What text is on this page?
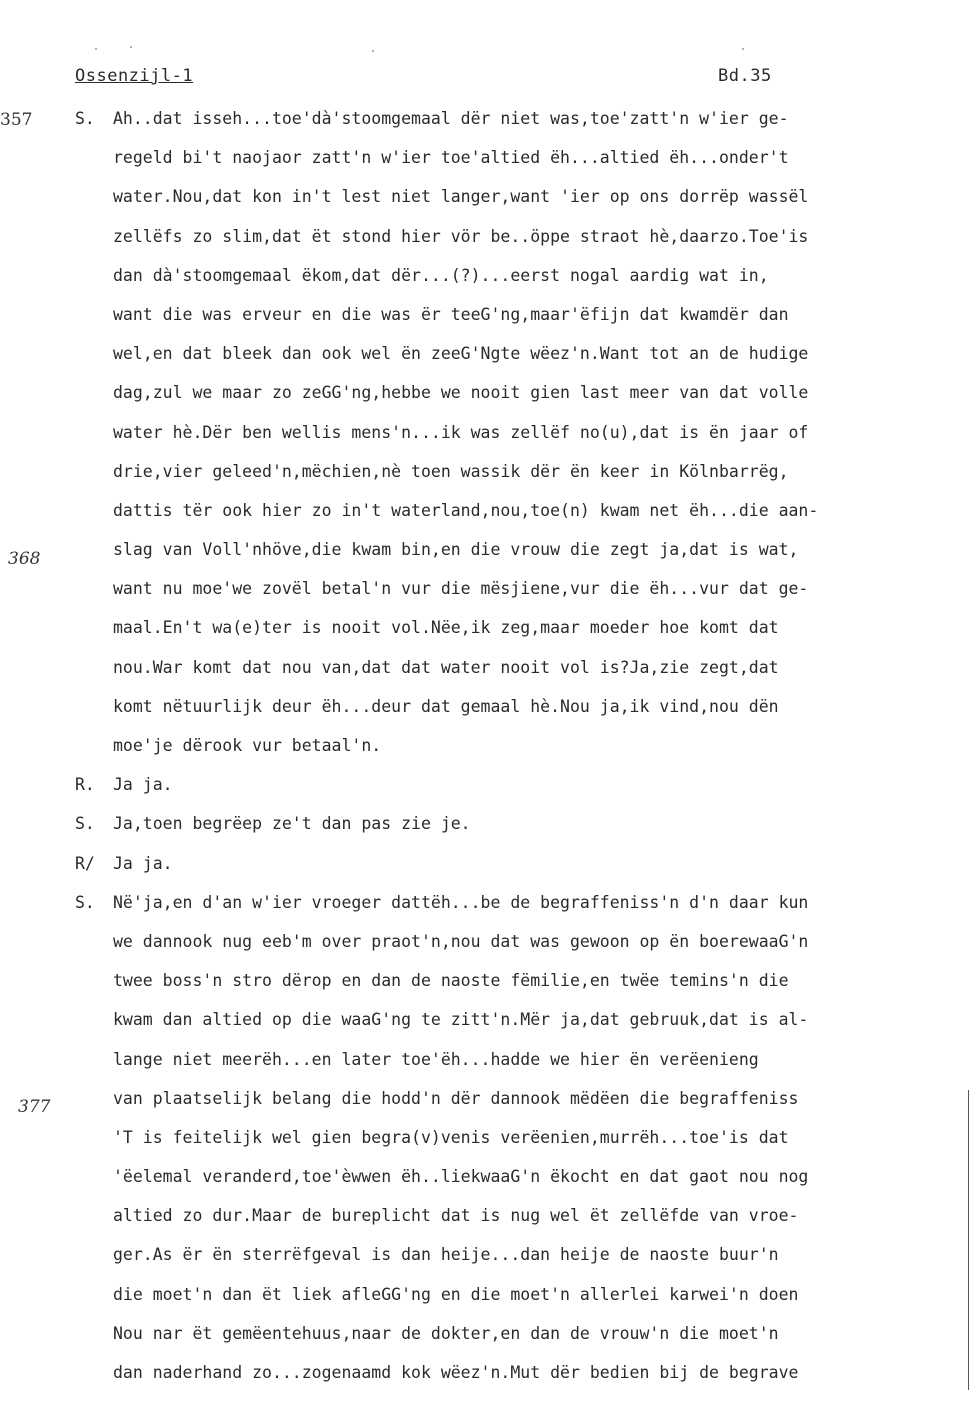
Ossenzijl-1	Bd.35
357
368
377
S.	Ah..dat isseh...toe'dà'stoomgemaal dër niet was,toe'zatt'n w'ier ge-
regeld bi't naojaor zatt'n w'ier toe'altied ëh...altied ëh...onder't
water.Nou,dat kon in't lest niet langer,want 'ier op ons dorrëp wassël
zellëfs zo slim,dat ët stond hier vör be..öppe straot hè,daarzo.Toe'is
dan dà'stoomgemaal ëkom,dat dër...(?)...eerst nogal aardig wat in,
want die was erveur en die was ër teeG'ng,maar'ëfijn dat kwamdër dan
wel,en dat bleek dan ook wel ën zeeG'Ngte wëez'n.Want tot an de hudige
dag,zul we maar zo zeGG'ng,hebbe we nooit gien last meer van dat volle
water hè.Dër ben wellis mens'n...ik was zellëf no(u),dat is ën jaar of
drie,vier geleed'n,mëchien,nè toen wassik dër ën keer in Kölnbarrëg,
dattis tër ook hier zo in't waterland,nou,toe(n) kwam net ëh...die aan-
slag van Voll'nhöve,die kwam bin,en die vrouw die zegt ja,dat is wat,
want nu moe'we zovël betal'n vur die mësjiene,vur die ëh...vur dat ge-
maal.En't wa(e)ter is nooit vol.Nëe,ik zeg,maar moeder hoe komt dat
nou.War komt dat nou van,dat dat water nooit vol is?Ja,zie zegt,dat
komt nëtuurlijk deur ëh...deur dat gemaal hè.Nou ja,ik vind,nou dën
moe'je dërook vur betaal'n.
R.	Ja ja.
S.	Ja,toen begrëep ze't dan pas zie je.
R/	Ja ja.
S.	Në'ja,en d'an w'ier vroeger dattëh...be de begraffeniss'n d'n daar kun
we dannook nug eeb'm over praot'n,nou dat was gewoon op ën boerewaaG'n
twee boss'n stro dërop en dan de naoste fëmilie,en twëe temins'n die
kwam dan altied op die waaG'ng te zitt'n.Mër ja,dat gebruuk,dat is al-
lange niet meerëh...en later toe'ëh...hadde we hier ën verëenieng
van plaatselijk belang die hodd'n dër dannook mëdëen die begraffeniss
'T is feitelijk wel gien begra(v)venis verëenien,murrëh...toe'is dat
'ëelemal veranderd,toe'èwwen ëh..liekwaaG'n ëkocht en dat gaot nou nog
altied zo dur.Maar de bureplicht dat is nug wel ët zellëfde van vroe-
ger.As ër ën sterrëfgeval is dan heije...dan heije de naoste buur'n
die moet'n dan ët liek afleGG'ng en die moet'n allerlei karwei'n doen
Nou nar ët gemëentehuus,naar de dokter,en dan de vrouw'n die moet'n
dan naderhand zo...zogenaamd kok wëez'n.Mut dër bedien bij de begrave
